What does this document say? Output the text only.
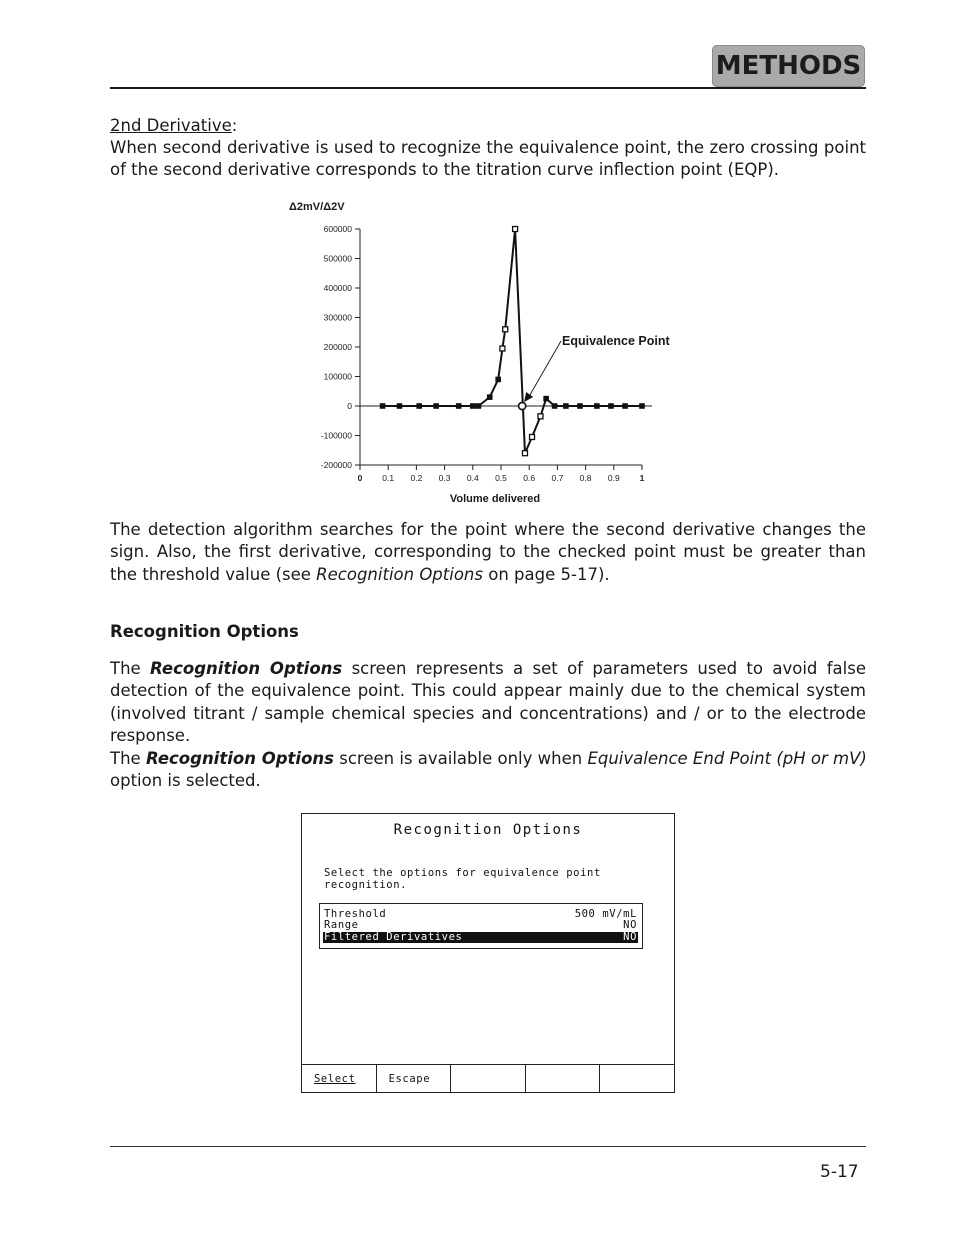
METHODS
2nd Derivative:
When second derivative is used to recognize the equivalence point, the zero crossing point of the second derivative corresponds to the titration curve inflection point (EQP).
Δ2mV/Δ2V
Volume delivered
600000
500000
400000
300000
200000
100000
0
-100000
-200000
0 0.1 0.2 0.3 0.4 0.5 0.6 0.7 0.8 0.9 1
Equivalence Point
The detection algorithm searches for the point where the second derivative changes the sign. Also, the first derivative, corresponding to the checked point must be greater than the threshold value (see Recognition Options on page 5-17).
Recognition Options
The Recognition Options screen represents a set of parameters used to avoid false detection of the equivalence point. This could appear mainly due to the chemical system (involved titrant / sample chemical species and concentrations) and / or to the electrode response.
The Recognition Options screen is available only when Equivalence End Point (pH or mV) option is selected.
Recognition Options
Select the options for equivalence point
recognition.
Threshold	500 mV/mL
Range	NO
Filtered Derivatives	NO
Select	Escape
5-17
